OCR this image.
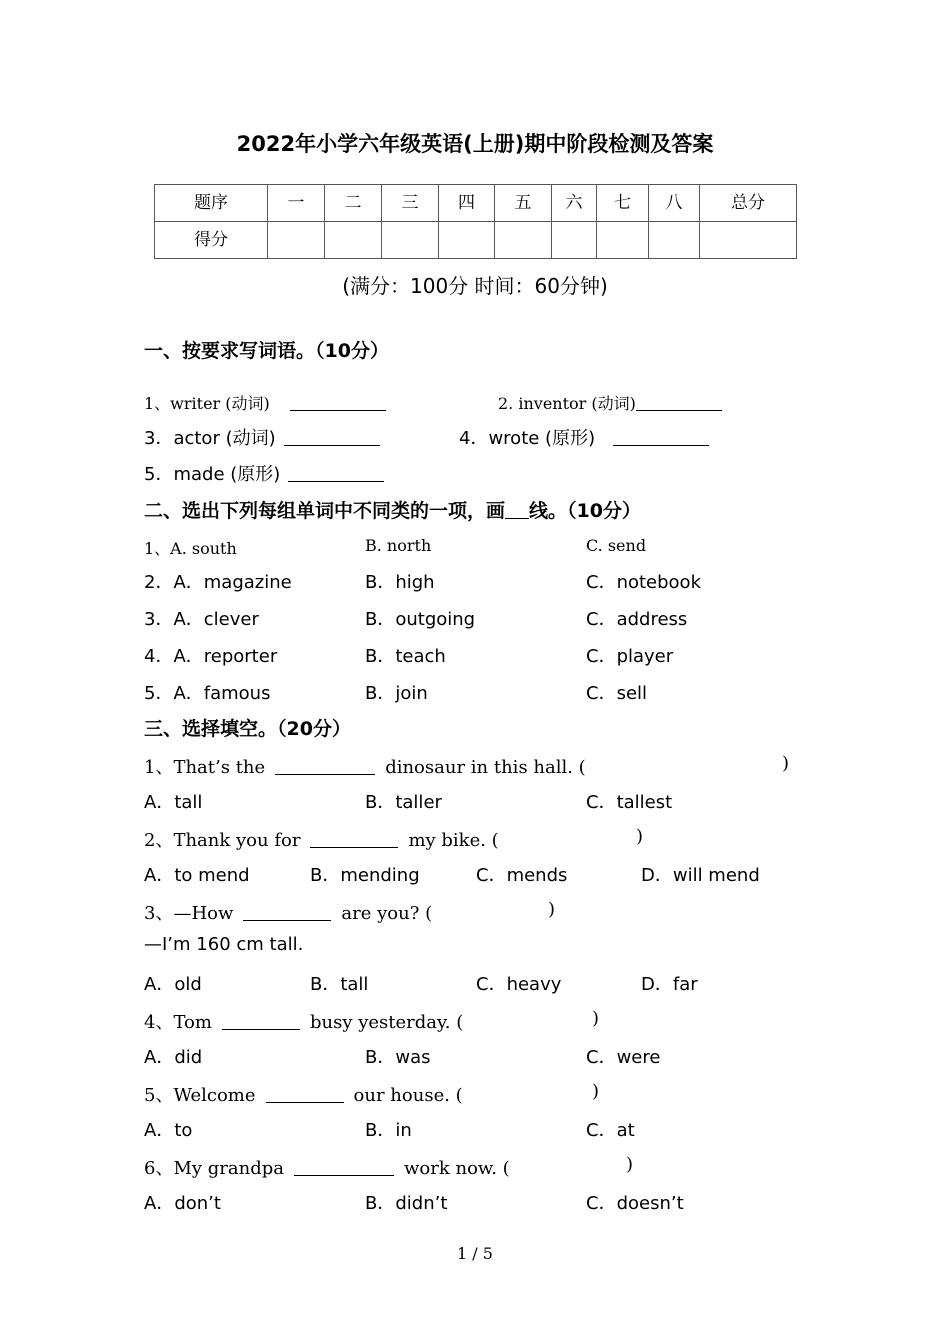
2022年小学六年级英语(上册)期中阶段检测及答案
题序	一	二	三	四	五	六	七	八	总分
得分									
(满分：100分 时间：60分钟)
一、按要求写词语。（10分）
1、writer (动词)	2. inventor (动词)
3．actor (动词)	4．wrote (原形)
5．made (原形)
二、选出下列每组单词中不同类的一项，画 线。（10分）
1、A. south	B. north	C. send
2．A．magazine	B．high	C．notebook
3．A．clever	B．outgoing	C．address
4．A．reporter	B．teach	C．player
5．A．famous	B．join	C．sell
三、选择填空。（20分）
1、That’s the	dinosaur in this hall. (	)
A．tall	B．taller	C．tallest
2、Thank you for	my bike. (	)
A．to mend	B．mending	C．mends	D．will mend
3、—How	are you? (	)
—I’m 160 cm tall.
A．old	B．tall	C．heavy	D．far
4、Tom	busy yesterday. (	)
A．did	B．was	C．were
5、Welcome	our house. (	)
A．to	B．in	C．at
6、My grandpa	work now. (	)
A．don’t	B．didn’t	C．doesn’t
1 / 5
